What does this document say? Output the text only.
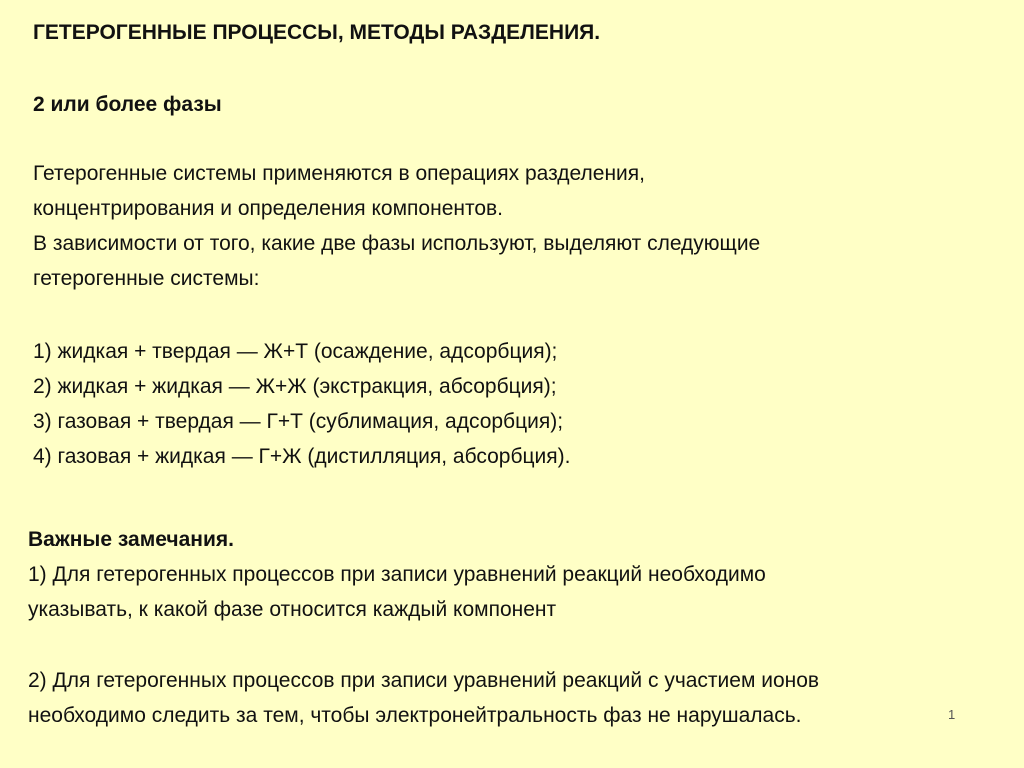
ГЕТЕРОГЕННЫЕ ПРОЦЕССЫ, МЕТОДЫ РАЗДЕЛЕНИЯ.
2 или более фазы
Гетерогенные системы применяются в операциях разделения,
концентрирования и определения компонентов.
В зависимости от того, какие две фазы используют, выделяют следующие
гетерогенные системы:
1) жидкая + твердая — Ж+Т (осаждение, адсорбция);
2) жидкая + жидкая — Ж+Ж (экстракция, абсорбция);
3) газовая + твердая — Г+Т (сублимация, адсорбция);
4) газовая + жидкая — Г+Ж (дистилляция, абсорбция).
Важные замечания.
1) Для гетерогенных процессов при записи уравнений реакций необходимо
указывать, к какой фазе относится каждый компонент
2) Для гетерогенных процессов при записи уравнений реакций с участием ионов
необходимо следить за тем, чтобы электронейтральность фаз не нарушалась.	1
